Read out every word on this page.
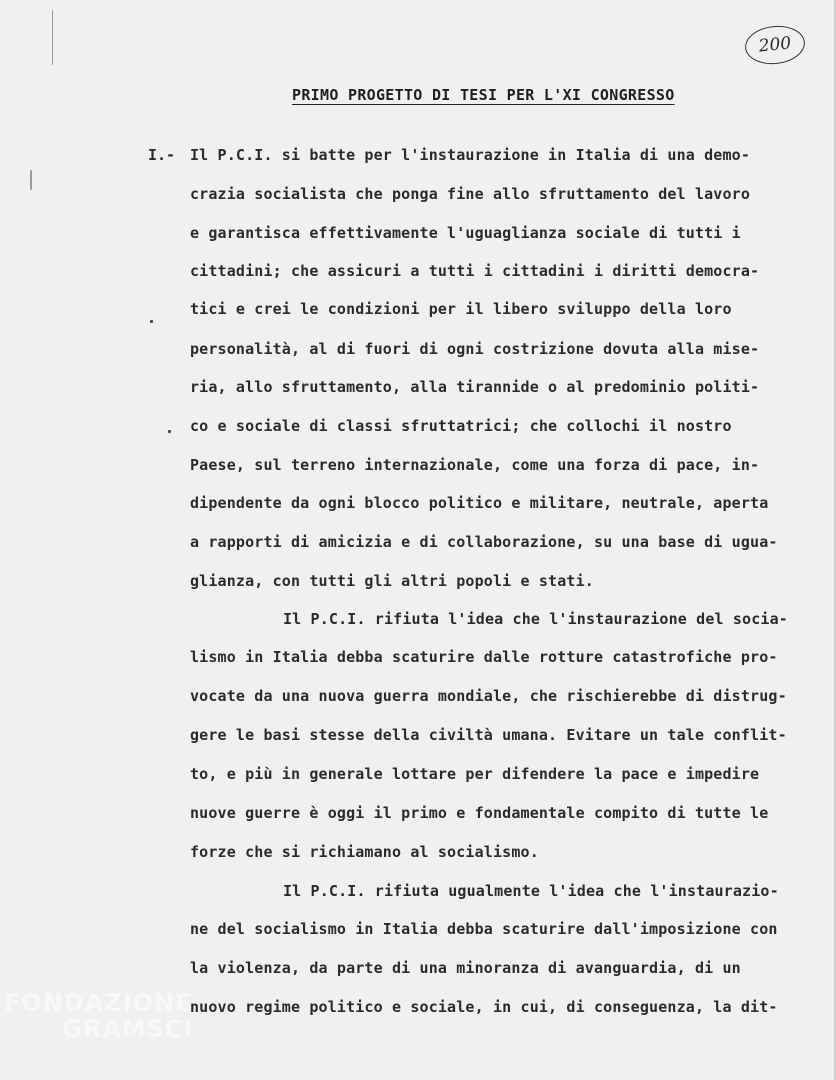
200
PRIMO PROGETTO DI TESI PER L'XI CONGRESSO
I.- Il P.C.I. si batte per l'instaurazione in Italia di una demo-
crazia socialista che ponga fine allo sfruttamento del lavoro
e garantisca effettivamente l'uguaglianza sociale di tutti i
cittadini; che assicuri a tutti i cittadini i diritti democra-
tici e crei le condizioni per il libero sviluppo della loro
personalità, al di fuori di ogni costrizione dovuta alla mise-
ria, allo sfruttamento, alla tirannide o al predominio politi-
co e sociale di classi sfruttatrici; che collochi il nostro
Paese, sul terreno internazionale, come una forza di pace, in-
dipendente da ogni blocco politico e militare, neutrale, aperta
a rapporti di amicizia e di collaborazione, su una base di ugua-
glianza, con tutti gli altri popoli e stati.
Il P.C.I. rifiuta l'idea che l'instaurazione del socia-
lismo in Italia debba scaturire dalle rotture catastrofiche pro-
vocate da una nuova guerra mondiale, che rischierebbe di distrug-
gere le basi stesse della civiltà umana. Evitare un tale conflit-
to, e più in generale lottare per difendere la pace e impedire
nuove guerre è oggi il primo e fondamentale compito di tutte le
forze che si richiamano al socialismo.
Il P.C.I. rifiuta ugualmente l'idea che l'instaurazio-
ne del socialismo in Italia debba scaturire dall'imposizione con
la violenza, da parte di una minoranza di avanguardia, di un
nuovo regime politico e sociale, in cui, di conseguenza, la dit-
FONDAZIONE
GRAMSCI
